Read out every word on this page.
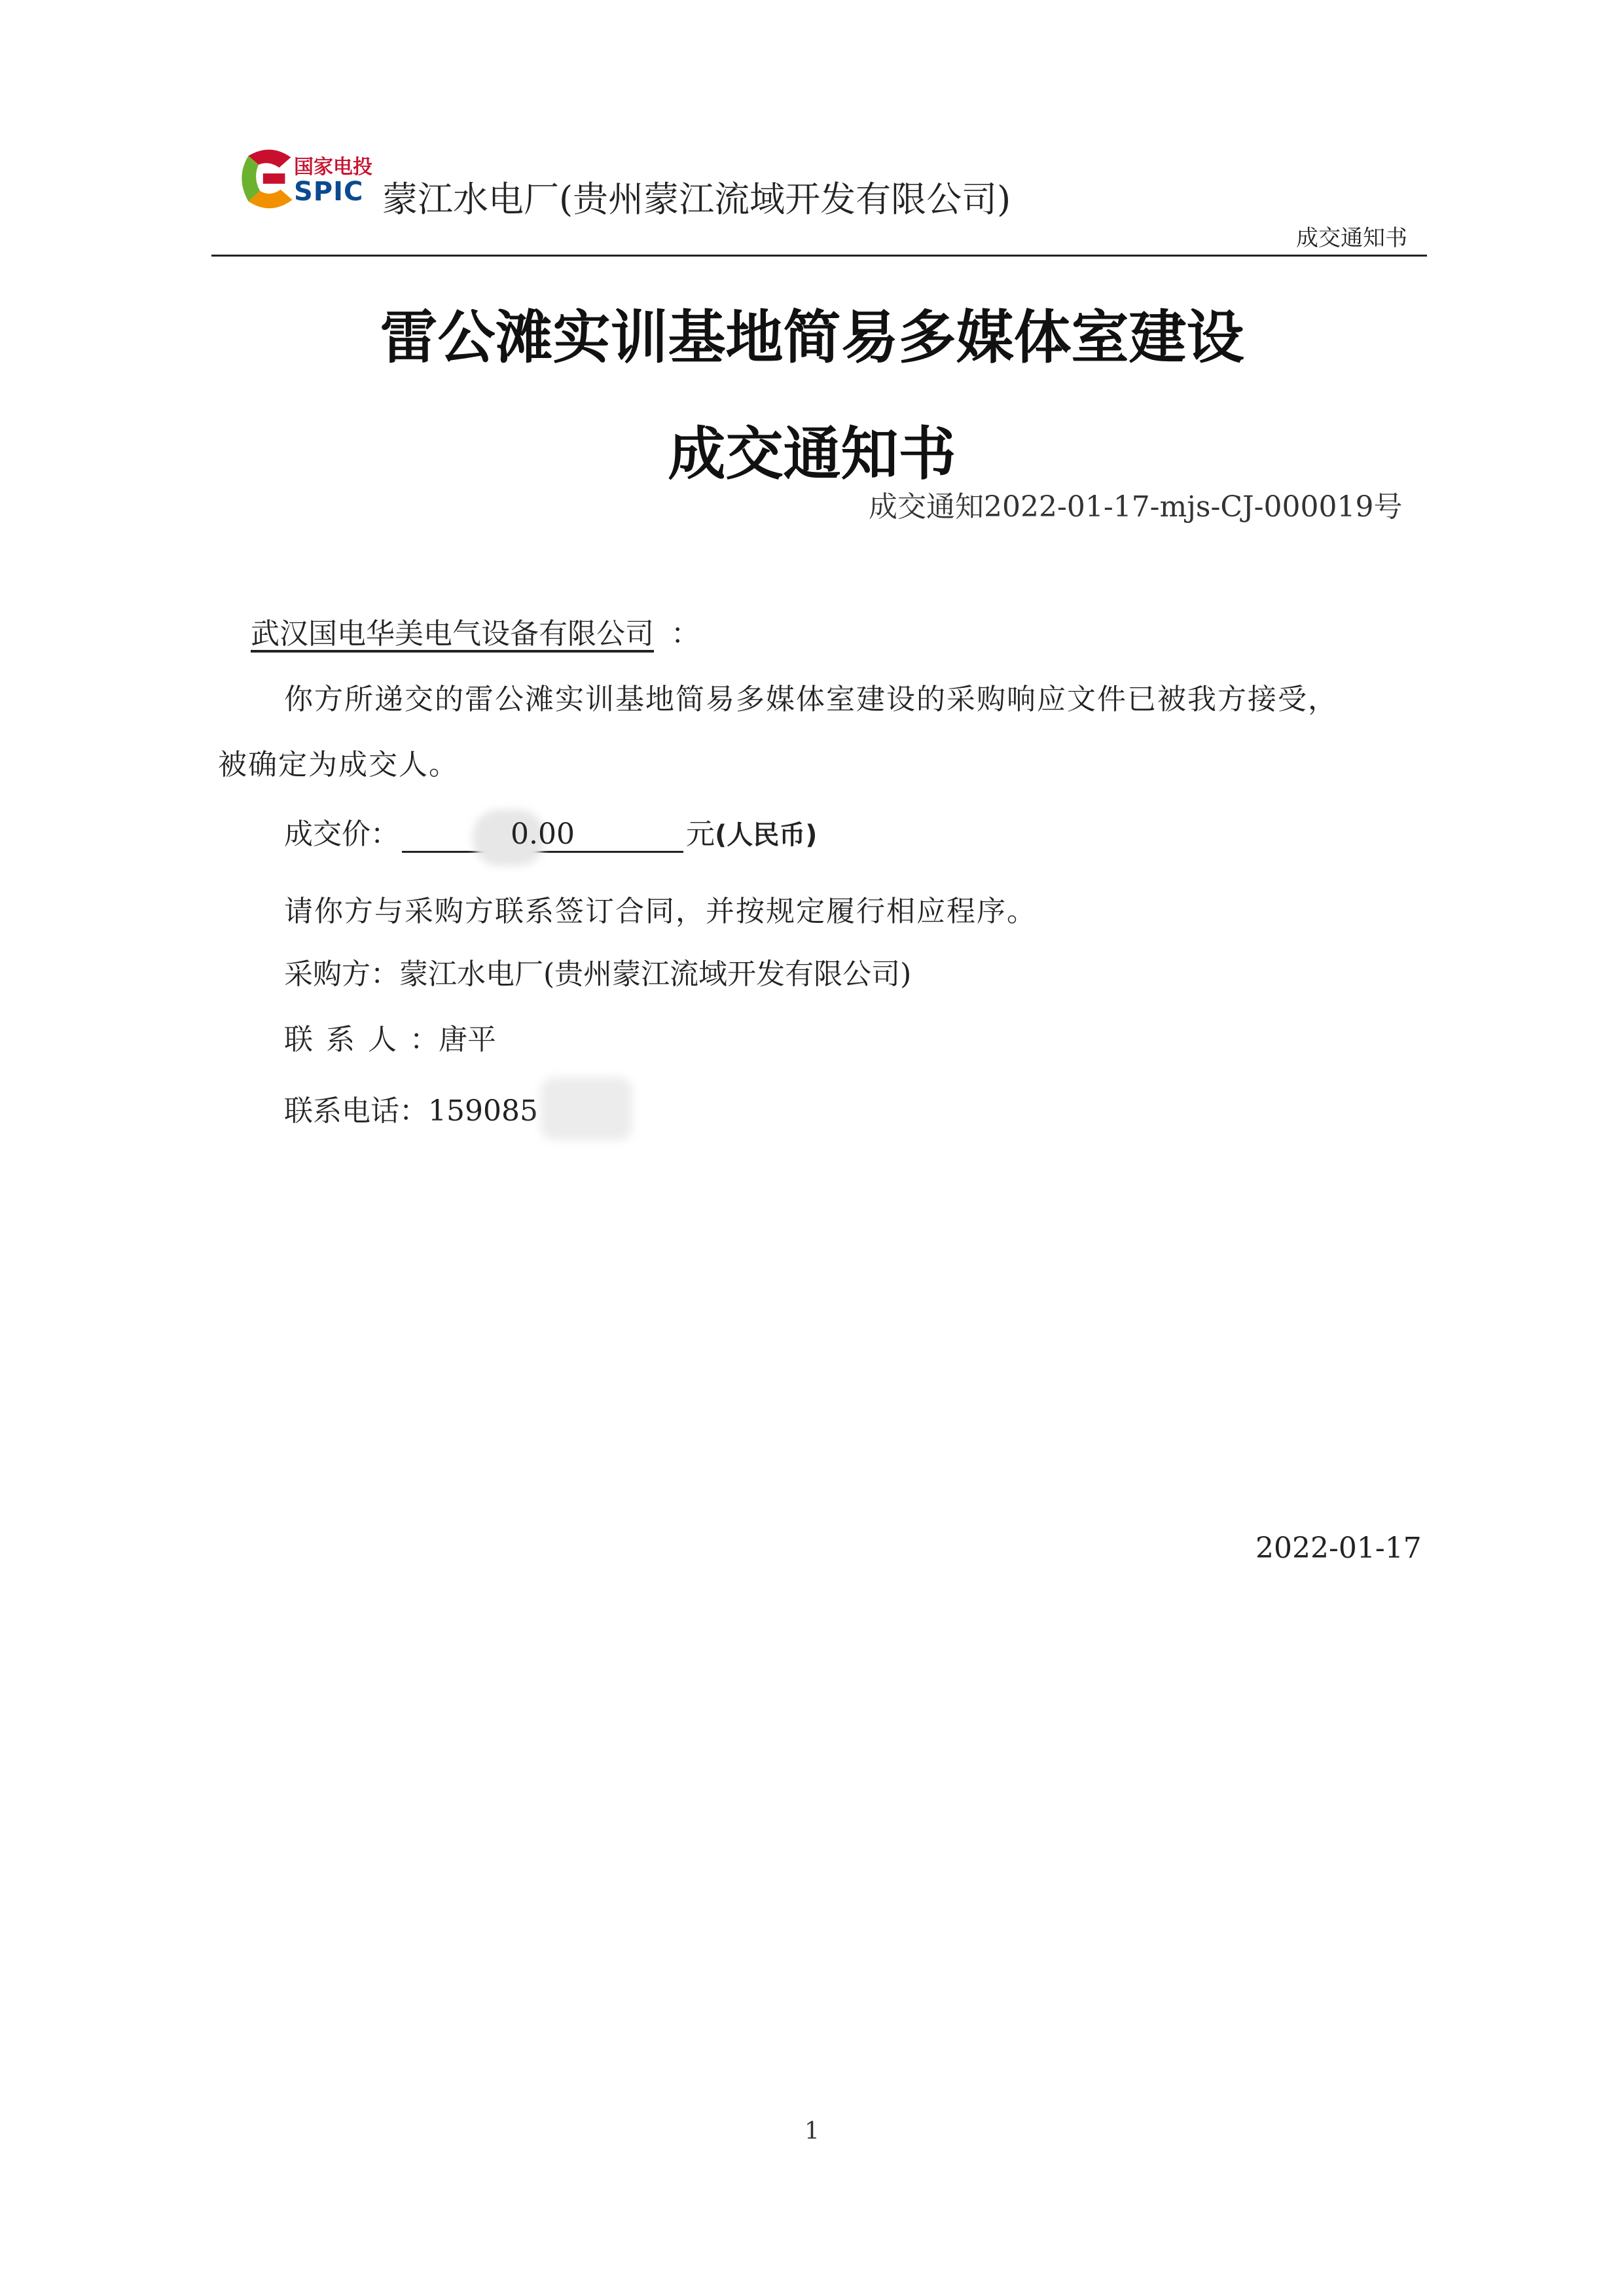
国家电投
SPIC 蒙江水电厂(贵州蒙江流域开发有限公司)
成交通知书
雷公滩实训基地简易多媒体室建设
成交通知书
成交通知2022-01-17-mjs-CJ-000019号
武汉国电华美电气设备有限公司 ：
你方所递交的雷公滩实训基地简易多媒体室建设的采购响应文件已被我方接受，
被确定为成交人。
成交价：	0.00	元(人民币)
请你方与采购方联系签订合同，并按规定履行相应程序。
采购方：蒙江水电厂(贵州蒙江流域开发有限公司)
联系人：唐平
联系电话：159085
2022-01-17
1
